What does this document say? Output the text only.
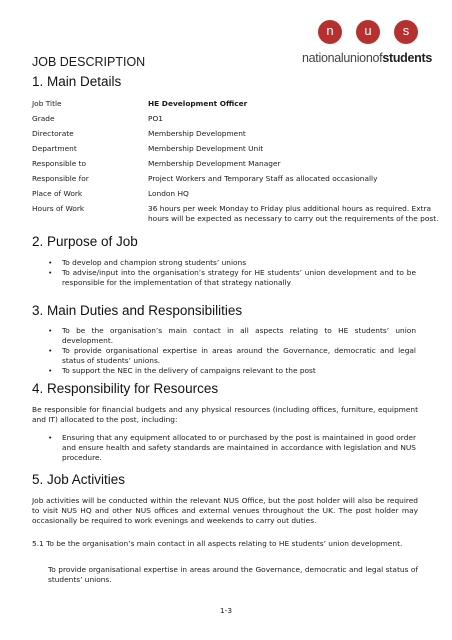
n	u	s
nationalunionofstudents
JOB DESCRIPTION
1. Main Details
Job Title	HE Development Officer
Grade	PO1
Directorate	Membership Development
Department	Membership Development Unit
Responsible to	Membership Development Manager
Responsible for	Project Workers and Temporary Staff as allocated occasionally
Place of Work	London HQ
Hours of Work	36 hours per week Monday to Friday plus additional hours as required. Extra hours will be expected as necessary to carry out the requirements of the post.
2. Purpose of Job
• To develop and champion strong students’ unions
• To advise/input into the organisation’s strategy for HE students’ union development and to be responsible for the implementation of that strategy nationally
3. Main Duties and Responsibilities
• To be the organisation’s main contact in all aspects relating to HE students’ union development.
• To provide organisational expertise in areas around the Governance, democratic and legal status of students’ unions.
• To support the NEC in the delivery of campaigns relevant to the post
4. Responsibility for Resources
Be responsible for financial budgets and any physical resources (including offices, furniture, equipment and IT) allocated to the post, including:
• Ensuring that any equipment allocated to or purchased by the post is maintained in good order and ensure health and safety standards are maintained in accordance with legislation and NUS procedure.
5. Job Activities
Job activities will be conducted within the relevant NUS Office, but the post holder will also be required to visit NUS HQ and other NUS offices and external venues throughout the UK. The post holder may occasionally be required to work evenings and weekends to carry out duties.
5.1 To be the organisation’s main contact in all aspects relating to HE students’ union development.
To provide organisational expertise in areas around the Governance, democratic and legal status of students’ unions.
1-3
